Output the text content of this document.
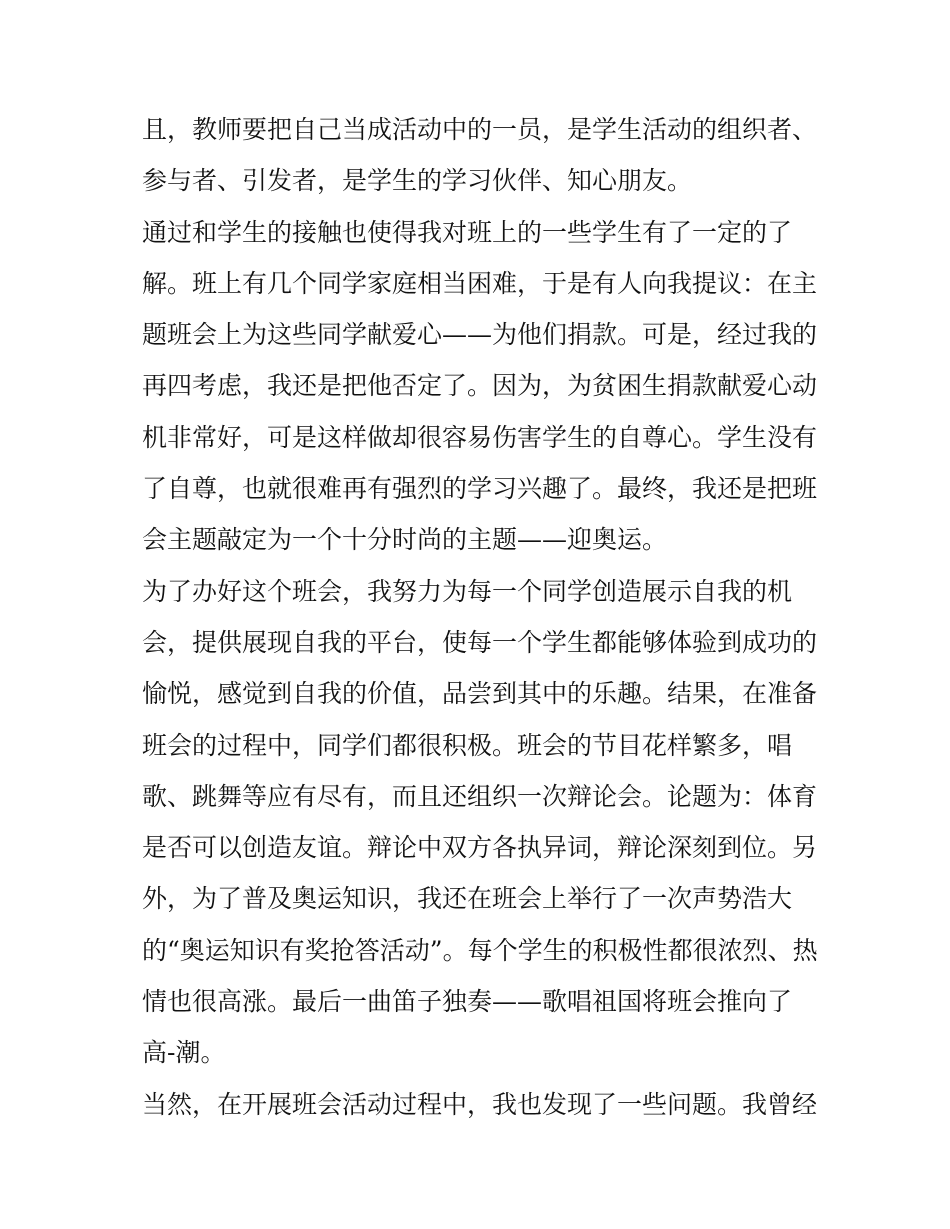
且，教师要把自己当成活动中的一员，是学生活动的组织者、
参与者、引发者，是学生的学习伙伴、知心朋友。
通过和学生的接触也使得我对班上的一些学生有了一定的了
解。班上有几个同学家庭相当困难，于是有人向我提议：在主
题班会上为这些同学献爱心——为他们捐款。可是，经过我的
再四考虑，我还是把他否定了。因为，为贫困生捐款献爱心动
机非常好，可是这样做却很容易伤害学生的自尊心。学生没有
了自尊，也就很难再有强烈的学习兴趣了。最终，我还是把班
会主题敲定为一个十分时尚的主题——迎奥运。
为了办好这个班会，我努力为每一个同学创造展示自我的机
会，提供展现自我的平台，使每一个学生都能够体验到成功的
愉悦，感觉到自我的价值，品尝到其中的乐趣。结果，在准备
班会的过程中，同学们都很积极。班会的节目花样繁多，唱
歌、跳舞等应有尽有，而且还组织一次辩论会。论题为：体育
是否可以创造友谊。辩论中双方各执异词，辩论深刻到位。另
外，为了普及奥运知识，我还在班会上举行了一次声势浩大
的“奥运知识有奖抢答活动”。每个学生的积极性都很浓烈、热
情也很高涨。最后一曲笛子独奏——歌唱祖国将班会推向了
高-潮。
当然，在开展班会活动过程中，我也发现了一些问题。我曾经
